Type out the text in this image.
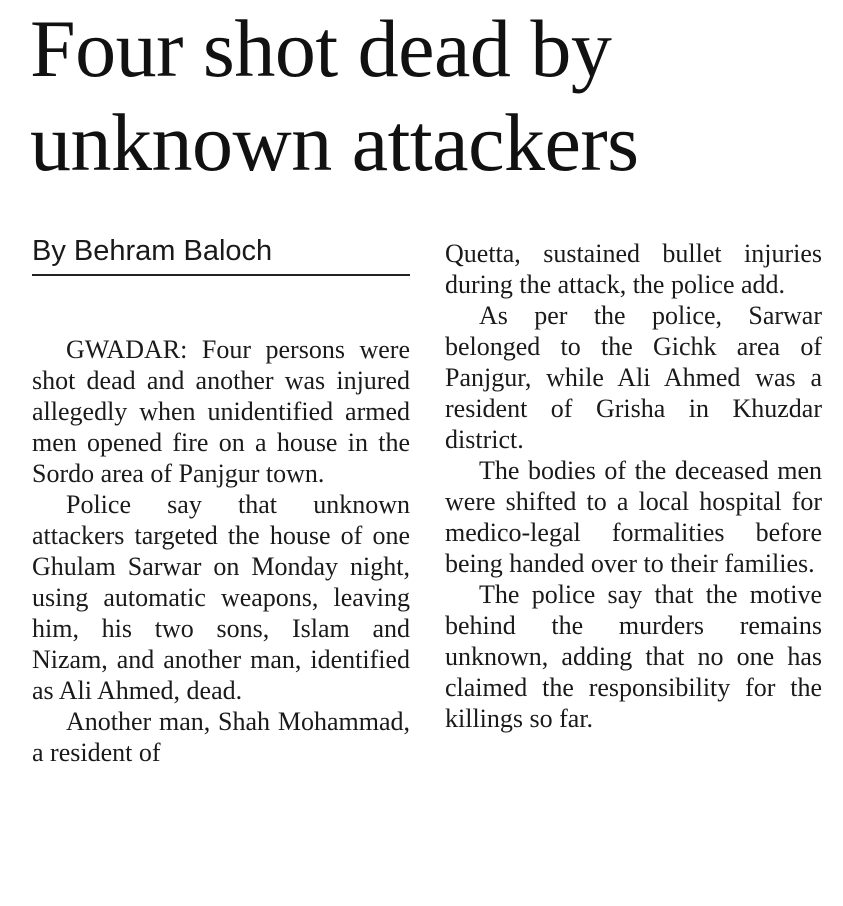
Four shot dead by unknown attackers
By Behram Baloch

GWADAR: Four persons were shot dead and another was injured allegedly when unidentified armed men opened fire on a house in the Sordo area of Panjgur town.

Police say that unknown attackers targeted the house of one Ghulam Sarwar on Monday night, using automatic weapons, leaving him, his two sons, Islam and Nizam, and another man, identified as Ali Ahmed, dead.

Another man, Shah Mohammad, a resident of

Quetta, sustained bullet injuries during the attack, the police add.

As per the police, Sarwar belonged to the Gichk area of Panjgur, while Ali Ahmed was a resident of Grisha in Khuzdar district.

The bodies of the deceased men were shifted to a local hospital for medico-legal formalities before being handed over to their families.

The police say that the motive behind the murders remains unknown, adding that no one has claimed the responsibility for the killings so far.
